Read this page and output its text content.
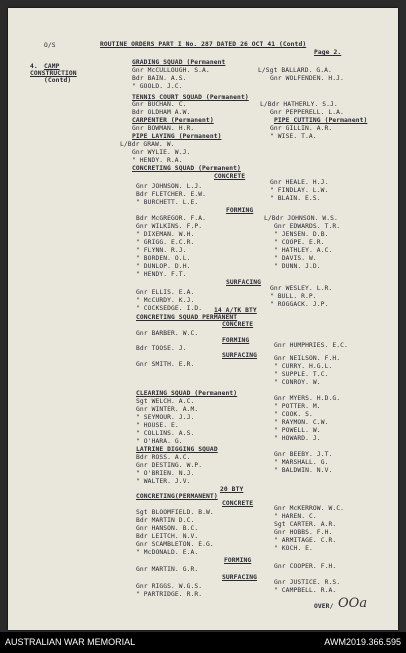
O/S	ROUTINE ORDERS PART I No. 287 DATED 26 OCT 41 (Contd)
Page 2.
4. CAMP
CONSTRUCTION
(Contd)
GRADING SQUAD (Permanent
Gnr McCULLOUGH. S.A.
Bdr BAIN. A.S.
" GOOLD. J.C.
L/Sgt BALLARD. G.A.
Gnr WOLFENDEN. H.J.
TENNIS COURT SQUAD (Permanent)
Gnr BUCHAN. C.
Bdr OLDHAM A.W.
L/Bdr HATHERLY. S.J.
Gnr PEPPERELL. L.A.
CARPENTER (Permanent)
Gnr BOWMAN. H.R.
PIPE CUTTING (Permanent)
Gnr GILLIN. A.R.
" WISE. T.A.
PIPE LAYING (Permanent)
L/Bdr GRAW. W.
Gnr WYLIE. W.J.
" HENDY. R.A.
CONCRETING SQUAD (Permanent)
CONCRETE
Gnr JOHNSON. L.J.
Bdr FLETCHER. E.W.
" BURCHETT. L.E.
Gnr HEALE. H.J.
" FINDLAY. L.W.
" BLAIN. E.S.
FORMING
Bdr McGREGOR. F.A.
Gnr WILKINS. F.P.
" DIXEMAN. W.H.
" GRIGG. E.C.R.
" FLYNN. R.J.
" BORDEN. O.L.
" DUNLOP. D.H.
" HENDY. F.T.
L/Bdr JOHNSON. W.S.
Gnr EDWARDS. T.R.
" JENSEN. D.B.
" COOPE. E.R.
" HATHLEY. A.C.
" DAVIS. W.
" DUNN. J.D.
SURFACING
Gnr ELLIS. E.A.
" McCURDY. K.J.
" COCKSEDGE. I.D.
Gnr WESLEY. L.R.
" BULL. R.P.
" ROGGACK. J.P.
14 A/TK BTY
CONCRETING SQUAD PERMANENT
CONCRETE
Gnr BARBER. W.C.
FORMING
Bdr TOOSE. J.	Gnr HUMPHRIES. E.C.
SURFACING
Gnr SMITH. E.R.
Gnr NEILSON. F.H.
" CURRY. H.G.L.
" SUPPLE. T.C.
" CONROY. W.
CLEARING SQUAD (Permanent)
Sgt WELCH. A.C.
Gnr WINTER. A.M.
" SEYMOUR. J.J.
" HOUSE. E.
" COLLINS. A.S.
" O'HARA. G.
Gnr MYERS. H.D.G.
" POTTER. M.
" COOK. S.
" RAYMON. C.W.
" POWELL. W.
" HOWARD. J.
LATRINE DIGGING SQUAD
Bdr ROSS. A.C.
Gnr DESTING. W.P.
" O'BRIEN. N.J.
" WALTER. J.V.
Gnr BEEBY. J.T.
" MARSHALL. G.
" BALDWIN. N.V.
20 BTY
CONCRETING(PERMANENT)
CONCRETE
Sgt BLOOMFIELD. B.W.
Bdr MARTIN D.C.
Gnr HANSON. B.C.
Bdr LEITCH. N.V.
Gnr SCAMBLETON. E.G.
" McDONALD. E.A.
Gnr McKERROW. W.C.
" HAREN. C.
Sgt CARTER. A.R.
Gnr HOBBS. F.H.
" ARMITAGE. C.R.
" KOCH. E.
FORMING
Gnr MARTIN. G.R.	Gnr COOPER. F.H.
SURFACING
Gnr RIGGS. W.G.S.
" PARTRIDGE. R.R.
Gnr JUSTICE. R.S.
" CAMPBELL. R.A.
OVER/ OOa
AUSTRALIAN WAR MEMORIAL	AWM2019.366.595
